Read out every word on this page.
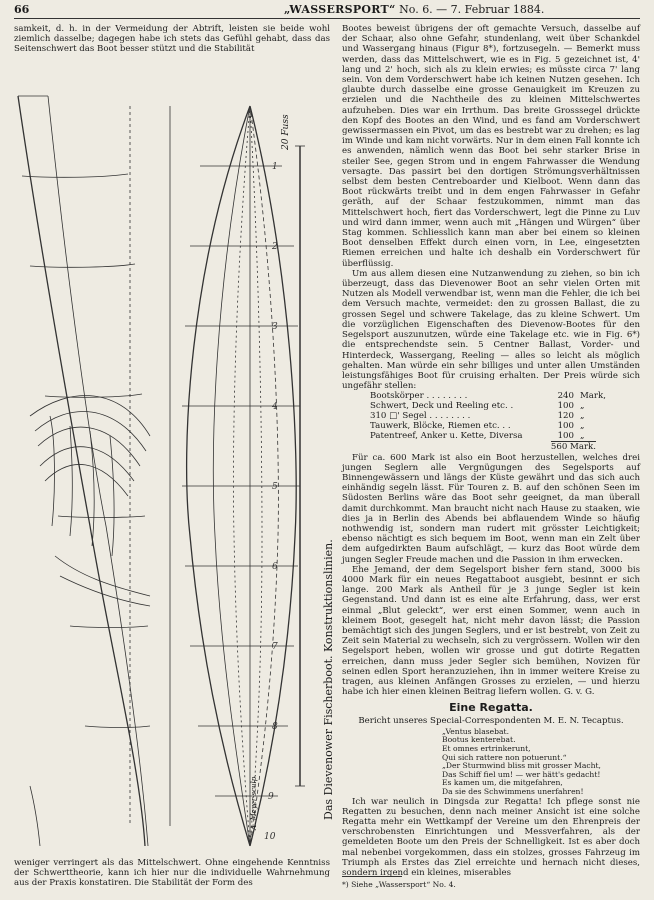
66	„WASSERSPORT“ No. 6. — 7. Februar 1884.

samkeit, d. h. in der Vermeidung der Abtrift, leisten sie beide wohl ziemlich dasselbe; dagegen habe ich stets das Gefühl gehabt, dass das Seitenschwert das Boot besser stützt und die Stabilität

1
2
3
4
5
6
7
8
9
10
20 Fuss
A. Meyer sculp.	Das Dievenower Fischerboot. Konstruktionslinien.

weniger verringert als das Mittelschwert. Ohne eingehende Kenntniss der Schwerttheorie, kann ich hier nur die individuelle Wahrnehmung aus der Praxis konstatiren. Die Stabilität der Form des

Bootes beweist übrigens der oft gemachte Versuch, dasselbe auf der Schaar, also ohne Gefahr, stundenlang, weit über Schankdel und Wassergang hinaus (Figur 8*), fortzusegeln. — Bemerkt muss werden, dass das Mittelschwert, wie es in Fig. 5 gezeichnet ist, 4' lang und 2' hoch, sich als zu klein erwies; es müsste circa 7' lang sein. Von dem Vorderschwert habe ich keinen Nutzen gesehen. Ich glaubte durch dasselbe eine grosse Genauigkeit im Kreuzen zu erzielen und die Nachtheile des zu kleinen Mittelschwertes aufzuheben. Dies war ein Irrthum. Das breite Grosssegel drückte den Kopf des Bootes an den Wind, und es fand am Vorderschwert gewissermassen ein Pivot, um das es bestrebt war zu drehen; es lag im Winde und kam nicht vorwärts. Nur in dem einen Fall konnte ich es anwenden, nämlich wenn das Boot bei sehr starker Brise in steiler See, gegen Strom und in engem Fahrwasser die Wendung versagte. Das passirt bei den dortigen Strömungsverhältnissen selbst dem besten Centreboarder und Kielboot. Wenn dann das Boot rückwärts treibt und in dem engen Fahrwasser in Gefahr geräth, auf der Schaar festzukommen, nimmt man das Mittelschwert hoch, fiert das Vorderschwert, legt die Pinne zu Luv und wird dann immer, wenn auch mit „Hängen und Würgen“ über Stag kommen. Schliesslich kann man aber bei einem so kleinen Boot denselben Effekt durch einen vorn, in Lee, eingesetzten Riemen erreichen und halte ich deshalb ein Vorderschwert für überflüssig.

Um aus allem diesen eine Nutzanwendung zu ziehen, so bin ich überzeugt, dass das Dievenower Boot an sehr vielen Orten mit Nutzen als Modell verwendbar ist, wenn man die Fehler, die ich bei dem Versuch machte, vermeidet: den zu grossen Ballast, die zu grossen Segel und schwere Takelage, das zu kleine Schwert. Um die vorzüglichen Eigenschaften des Dievenow-Bootes für den Segelsport auszunutzen, würde eine Takelage etc. wie in Fig. 6*) die entsprechendste sein. 5 Centner Ballast, Vorder- und Hinterdeck, Wassergang, Reeling — alles so leicht als möglich gehalten. Man würde ein sehr billiges und unter allen Umständen leistungsfähiges Boot für cruising erhalten. Der Preis würde sich ungefähr stellen:

Bootskörper . . . . . . . .	240	Mark,
Schwert, Deck und Reeling etc. .	100	„
310 □' Segel . . . . . . . .	120	„
Tauwerk, Blöcke, Riemen etc. . .	100	„
Patentreef, Anker u. Kette, Diversa	100	„
560 Mark.

Für ca. 600 Mark ist also ein Boot herzustellen, welches drei jungen Seglern alle Vergnügungen des Segelsports auf Binnengewässern und längs der Küste gewährt und das sich auch einhändig segeln lässt. Für Touren z. B. auf den schönen Seen im Südosten Berlins wäre das Boot sehr geeignet, da man überall damit durchkommt. Man braucht nicht nach Hause zu staaken, wie dies ja in Berlin des Abends bei abflauendem Winde so häufig nothwendig ist, sondern man rudert mit grösster Leichtigkeit; ebenso nächtigt es sich bequem im Boot, wenn man ein Zelt über dem aufgedirkten Baum aufschlägt, — kurz das Boot würde dem jungen Segler Freude machen und die Passion in ihm erwecken.

Ehe Jemand, der dem Segelsport bisher fern stand, 3000 bis 4000 Mark für ein neues Regattaboot ausgiebt, besinnt er sich lange. 200 Mark als Antheil für je 3 junge Segler ist kein Gegenstand. Und dann ist es eine alte Erfahrung, dass, wer erst einmal „Blut geleckt“, wer erst einen Sommer, wenn auch in kleinem Boot, gesegelt hat, nicht mehr davon lässt; die Passion bemächtigt sich des jungen Seglers, und er ist bestrebt, von Zeit zu Zeit sein Material zu wechseln, sich zu vergrössern. Wollen wir den Segelsport heben, wollen wir grosse und gut dotirte Regatten erreichen, dann muss jeder Segler sich bemühen, Novizen für seinen edlen Sport heranzuziehen, ihn in immer weitere Kreise zu tragen, aus kleinen Anfängen Grosses zu erzielen, — und hierzu habe ich hier einen kleinen Beitrag liefern wollen. G. v. G.

Eine Regatta.
Bericht unseres Special-Correspondenten M. E. N. Tecaptus.
„Ventus blasebat.
Bootus kenterebat.
Et omnes ertrinkerunt,
Qui sich rattere non potuerunt.“
„Der Sturmwind bliss mit grosser Macht,
Das Schiff fiel um! — wer hätt's gedacht!
Es kamen um, die mitgefahren,
Da sie des Schwimmens unerfahren!

Ich war neulich in Dingsda zur Regatta! Ich pflege sonst nie Regatten zu besuchen, denn nach meiner Ansicht ist eine solche Regatta mehr ein Wettkampf der Vereine um den Ehrenpreis der verschrobensten Einrichtungen und Messverfahren, als der gemeldeten Boote um den Preis der Schnelligkeit. Ist es aber doch mal nebenbei vorgekommen, dass ein stolzes, grosses Fahrzeug im Triumph als Erstes das Ziel erreichte und hernach nicht dieses, sondern irgend ein kleines, miserables

*) Siehe „Wassersport“ No. 4.
